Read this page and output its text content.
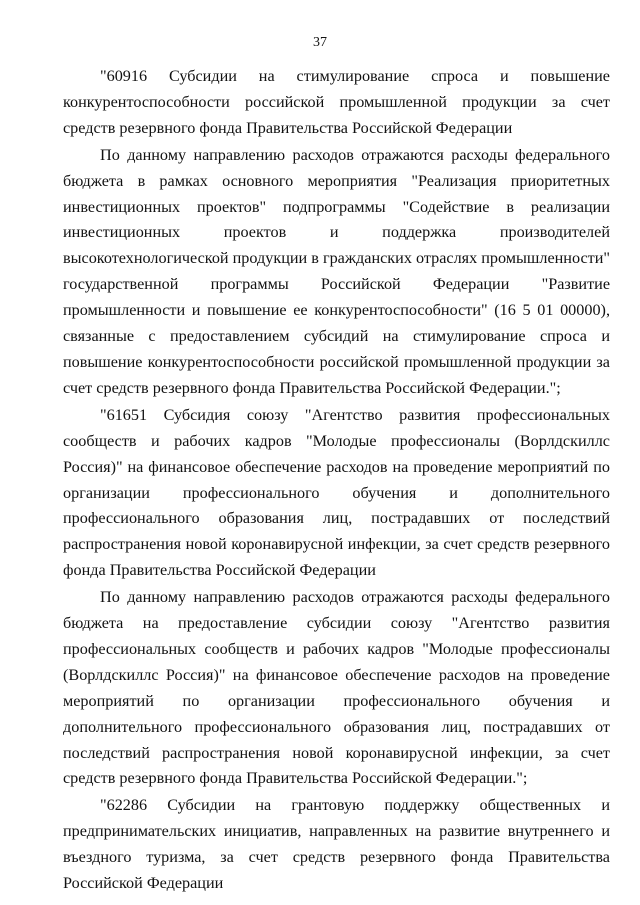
37

"60916 Субсидии на стимулирование спроса и повышение конкурентоспособности российской промышленной продукции за счет средств резервного фонда Правительства Российской Федерации

По данному направлению расходов отражаются расходы федерального бюджета в рамках основного мероприятия "Реализация приоритетных инвестиционных проектов" подпрограммы "Содействие в реализации инвестиционных проектов и поддержка производителей высокотехнологической продукции в гражданских отраслях промышленности" государственной программы Российской Федерации "Развитие промышленности и повышение ее конкурентоспособности" (16 5 01 00000), связанные с предоставлением субсидий на стимулирование спроса и повышение конкурентоспособности российской промышленной продукции за счет средств резервного фонда Правительства Российской Федерации.";

"61651 Субсидия союзу "Агентство развития профессиональных сообществ и рабочих кадров "Молодые профессионалы (Ворлдскиллс Россия)" на финансовое обеспечение расходов на проведение мероприятий по организации профессионального обучения и дополнительного профессионального образования лиц, пострадавших от последствий распространения новой коронавирусной инфекции, за счет средств резервного фонда Правительства Российской Федерации

По данному направлению расходов отражаются расходы федерального бюджета на предоставление субсидии союзу "Агентство развития профессиональных сообществ и рабочих кадров "Молодые профессионалы (Ворлдскиллс Россия)" на финансовое обеспечение расходов на проведение мероприятий по организации профессионального обучения и дополнительного профессионального образования лиц, пострадавших от последствий распространения новой коронавирусной инфекции, за счет средств резервного фонда Правительства Российской Федерации.";

"62286 Субсидии на грантовую поддержку общественных и предпринимательских инициатив, направленных на развитие внутреннего и въездного туризма, за счет средств резервного фонда Правительства Российской Федерации
